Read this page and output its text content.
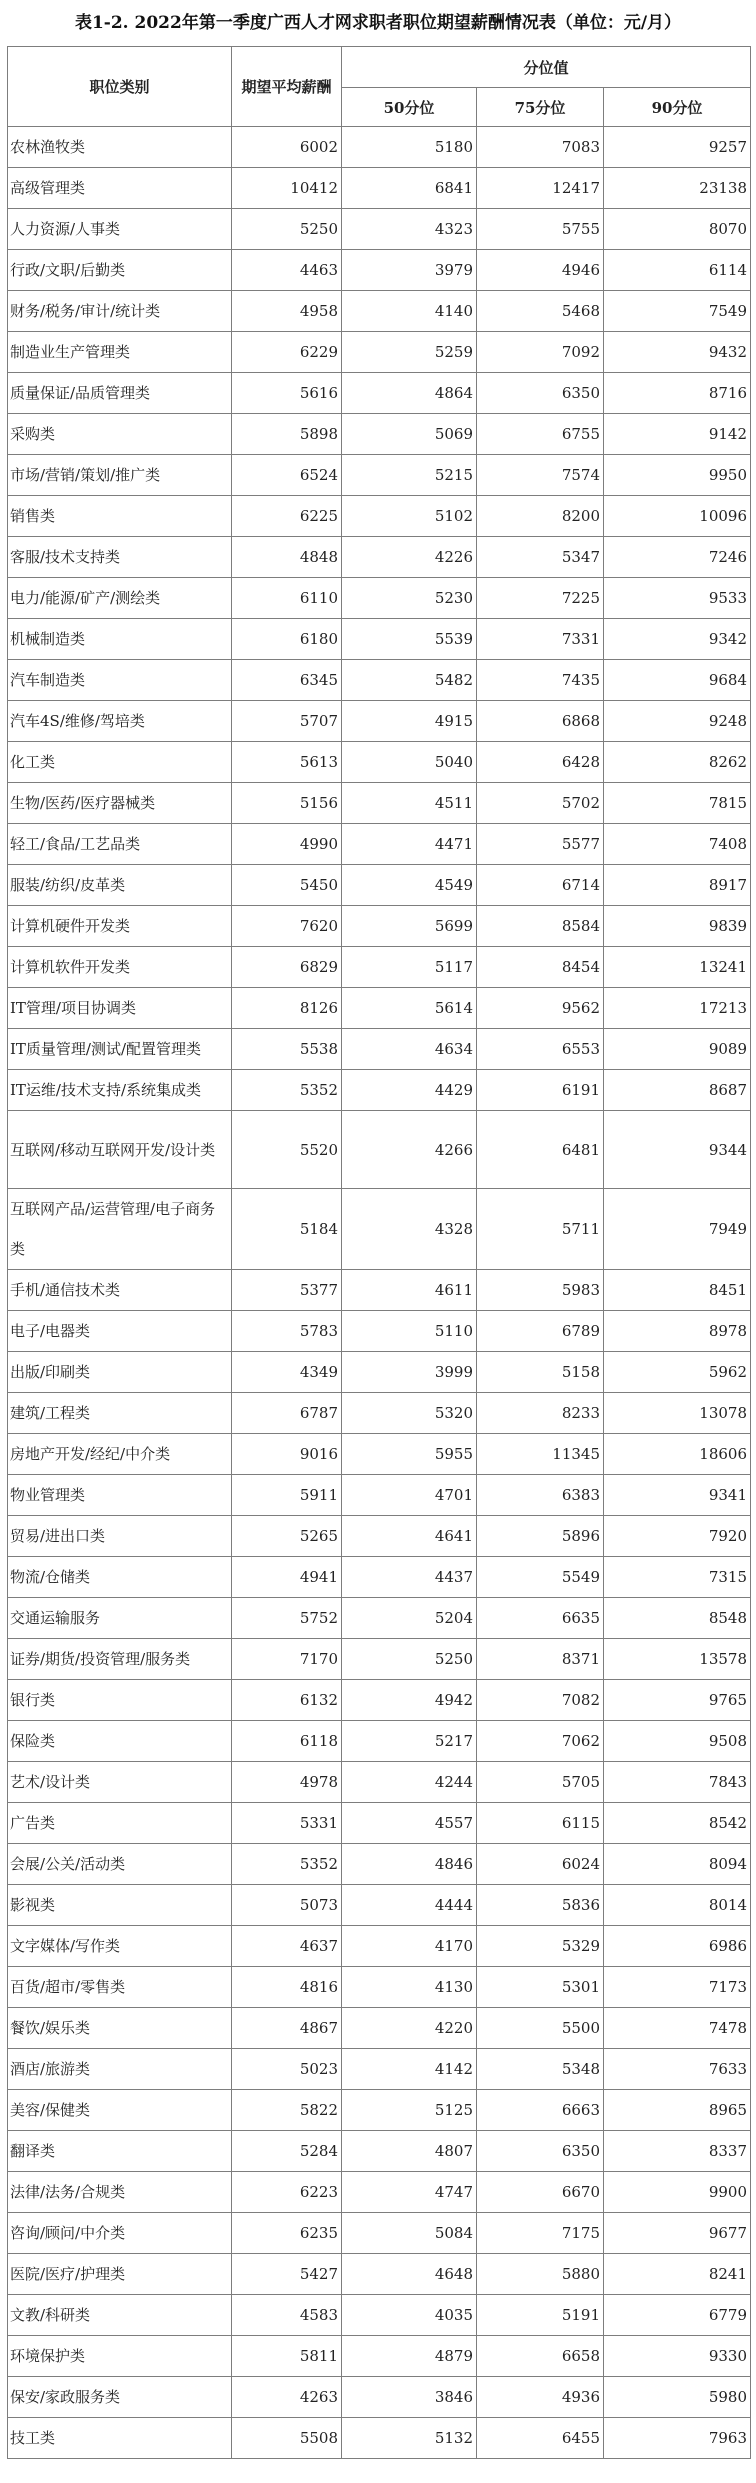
表1-2. 2022年第一季度广西人才网求职者职位期望薪酬情况表（单位：元/月）
职位类别	期望平均薪酬	分位值		
		50分位	75分位	90分位
农林渔牧类	6002	5180	7083	9257
高级管理类	10412	6841	12417	23138
人力资源/人事类	5250	4323	5755	8070
行政/文职/后勤类	4463	3979	4946	6114
财务/税务/审计/统计类	4958	4140	5468	7549
制造业生产管理类	6229	5259	7092	9432
质量保证/品质管理类	5616	4864	6350	8716
采购类	5898	5069	6755	9142
市场/营销/策划/推广类	6524	5215	7574	9950
销售类	6225	5102	8200	10096
客服/技术支持类	4848	4226	5347	7246
电力/能源/矿产/测绘类	6110	5230	7225	9533
机械制造类	6180	5539	7331	9342
汽车制造类	6345	5482	7435	9684
汽车4S/维修/驾培类	5707	4915	6868	9248
化工类	5613	5040	6428	8262
生物/医药/医疗器械类	5156	4511	5702	7815
轻工/食品/工艺品类	4990	4471	5577	7408
服装/纺织/皮革类	5450	4549	6714	8917
计算机硬件开发类	7620	5699	8584	9839
计算机软件开发类	6829	5117	8454	13241
IT管理/项目协调类	8126	5614	9562	17213
IT质量管理/测试/配置管理类	5538	4634	6553	9089
IT运维/技术支持/系统集成类	5352	4429	6191	8687
互联网/移动互联网开发/设计类	5520	4266	6481	9344
互联网产品/运营管理/电子商务类	5184	4328	5711	7949
手机/通信技术类	5377	4611	5983	8451
电子/电器类	5783	5110	6789	8978
出版/印刷类	4349	3999	5158	5962
建筑/工程类	6787	5320	8233	13078
房地产开发/经纪/中介类	9016	5955	11345	18606
物业管理类	5911	4701	6383	9341
贸易/进出口类	5265	4641	5896	7920
物流/仓储类	4941	4437	5549	7315
交通运输服务	5752	5204	6635	8548
证券/期货/投资管理/服务类	7170	5250	8371	13578
银行类	6132	4942	7082	9765
保险类	6118	5217	7062	9508
艺术/设计类	4978	4244	5705	7843
广告类	5331	4557	6115	8542
会展/公关/活动类	5352	4846	6024	8094
影视类	5073	4444	5836	8014
文字媒体/写作类	4637	4170	5329	6986
百货/超市/零售类	4816	4130	5301	7173
餐饮/娱乐类	4867	4220	5500	7478
酒店/旅游类	5023	4142	5348	7633
美容/保健类	5822	5125	6663	8965
翻译类	5284	4807	6350	8337
法律/法务/合规类	6223	4747	6670	9900
咨询/顾问/中介类	6235	5084	7175	9677
医院/医疗/护理类	5427	4648	5880	8241
文教/科研类	4583	4035	5191	6779
环境保护类	5811	4879	6658	9330
保安/家政服务类	4263	3846	4936	5980
技工类	5508	5132	6455	7963
